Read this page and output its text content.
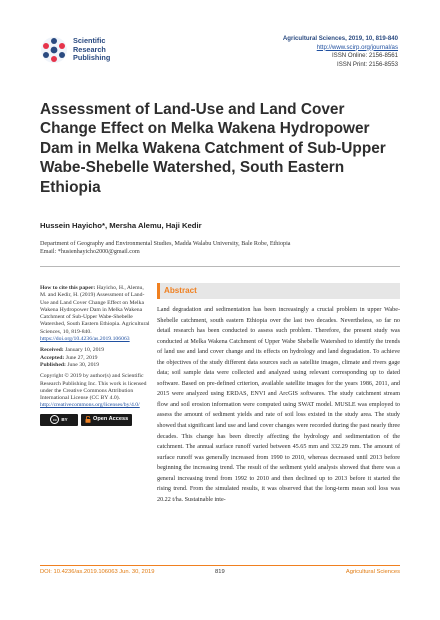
Scientific
Research
Publishing
Agricultural Sciences, 2019, 10, 819-840
http://www.scirp.org/journal/as
ISSN Online: 2156-8561
ISSN Print: 2156-8553
Assessment of Land-Use and Land Cover Change Effect on Melka Wakena Hydropower Dam in Melka Wakena Catchment of Sub-Upper Wabe-Shebelle Watershed, South Eastern Ethiopia
Hussein Hayicho*, Mersha Alemu, Haji Kedir
Department of Geography and Environmental Studies, Madda Walabu University, Bale Robe, Ethiopia
Email: *husienhayicho2000@gmail.com

How to cite this paper: Hayicho, H., Alemu, M. and Kedir, H. (2019) Assessment of Land-Use and Land Cover Change Effect on Melka Wakena Hydropower Dam in Melka Wakena Catchment of Sub-Upper Wabe-Shebelle Watershed, South Eastern Ethiopia. Agricultural Sciences, 10, 819-840. https://doi.org/10.4236/as.2019.106063

Received: January 10, 2019
Accepted: June 27, 2019
Published: June 30, 2019

Copyright © 2019 by author(s) and Scientific Research Publishing Inc. This work is licensed under the Creative Commons Attribution International License (CC BY 4.0). http://creativecommons.org/licenses/by/4.0/

cc	BY	Open Access
Abstract
Land degradation and sedimentation has been increasingly a crucial problem in upper Wabe-Shebelle catchment, south eastern Ethiopia over the last two decades. Nevertheless, so far no detail research has been conducted to assess such problem. Therefore, the present study was conducted at Melka Wakena Catchment of Upper Wabe Shebelle Watershed to identify the trends of land use and land cover change and its effects on hydrology and land degradation. To achieve the objectives of the study different data sources such as satellite images, climate and rivers gage data; soil sample data were collected and analyzed using relevant corresponding up to dated software. Based on pre-defined criterion, available satellite images for the years 1986, 2011, and 2015 were analyzed using ERDAS, ENVI and ArcGIS softwares. The study catchment stream flow and soil erosion information were computed using SWAT model. MUSLE was employed to assess the amount of sediment yields and rate of soil loss existed in the study area. The study showed that significant land use and land cover changes were recorded during the past nearly three decades. This change has been directly affecting the hydrology and sedimentation of the catchment. The annual surface runoff varied between 45.65 mm and 332.29 mm. The amount of surface runoff was generally increased from 1990 to 2010, whereas decreased until 2013 before beginning the increasing trend. The result of the sediment yield analysis showed that there was a general increasing trend from 1992 to 2010 and then declined up to 2013 before it started the rising trend. From the simulated results, it was observed that the long-term mean soil loss was 20.22 t/ha. Sustainable inte-
DOI: 10.4236/as.2019.106063 Jun. 30, 2019	819	Agricultural Sciences
